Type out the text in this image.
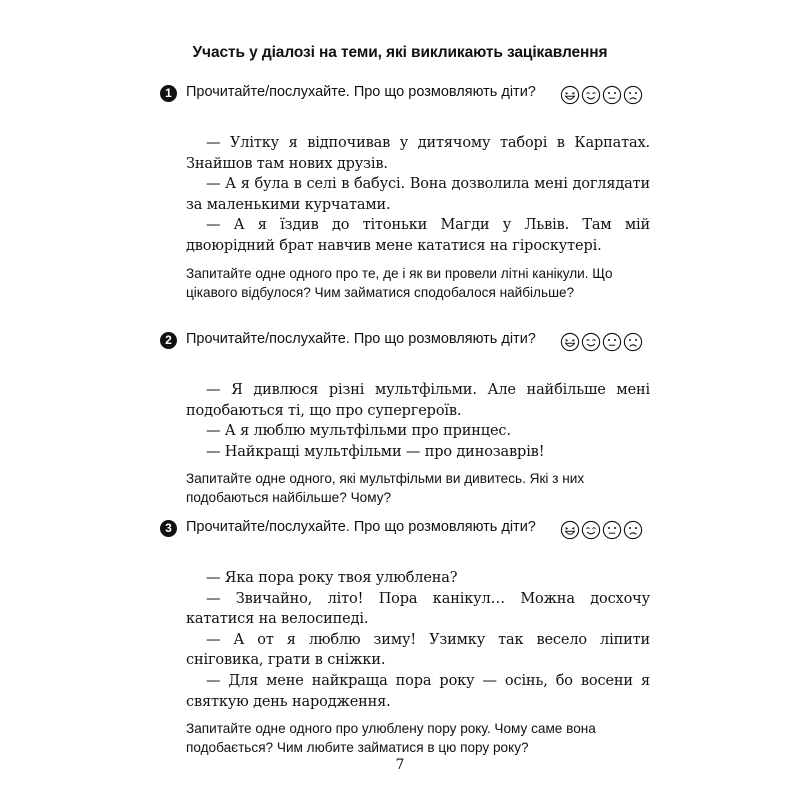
Участь у діалозі на теми, які викликають зацікавлення
1 Прочитайте/послухайте. Про що розмовляють діти?

— Улітку я відпочивав у дитячому таборі в Карпатах. Знайшов там нових друзів.

— А я була в селі в бабусі. Вона дозволила мені доглядати за маленькими курчатами.

— А я їздив до тітоньки Магди у Львів. Там мій двоюрідний брат навчив мене кататися на гіроскутері.

Запитайте одне одного про те, де і як ви провели літні канікули. Що цікавого відбулося? Чим займатися сподобалося найбільше?
2 Прочитайте/послухайте. Про що розмовляють діти?

— Я дивлюся різні мультфільми. Але найбільше мені подобаються ті, що про супергероїв.

— А я люблю мультфільми про принцес.

— Найкращі мультфільми — про динозаврів!

Запитайте одне одного, які мультфільми ви дивитесь. Які з них подобаються найбільше? Чому?
3 Прочитайте/послухайте. Про що розмовляють діти?

— Яка пора року твоя улюблена?

— Звичайно, літо! Пора канікул… Можна досхочу кататися на велосипеді.

— А от я люблю зиму! Узимку так весело ліпити сніговика, грати в сніжки.

— Для мене найкраща пора року — осінь, бо восени я святкую день народження.

Запитайте одне одного про улюблену пору року. Чому саме вона подобається? Чим любите займатися в цю пору року?
7
